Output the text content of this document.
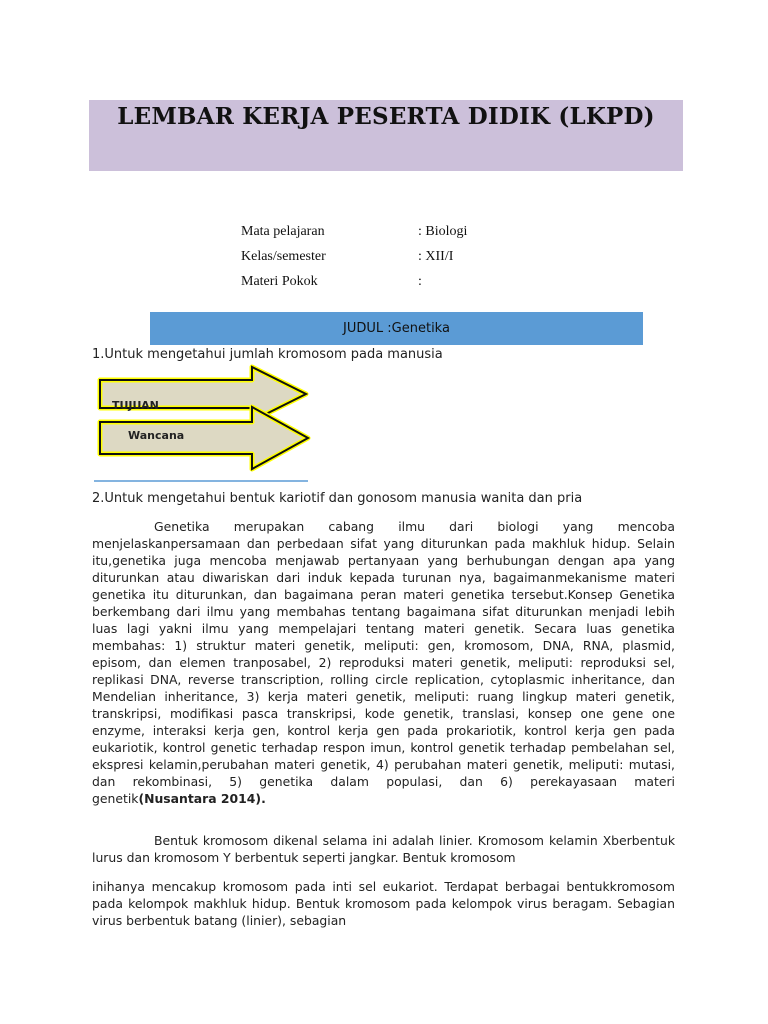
LEMBAR KERJA PESERTA DIDIK (LKPD)
Mata pelajaran	: Biologi
Kelas/semester	: XII/I
Materi Pokok	:
JUDUL :Genetika
1.Untuk mengetahui jumlah kromosom pada manusia
TUJUAN
Wancana
2.Untuk mengetahui bentuk kariotif dan gonosom manusia wanita dan pria

Genetika merupakan cabang ilmu dari biologi yang mencoba menjelaskanpersamaan dan perbedaan sifat yang diturunkan pada makhluk hidup. Selain itu,genetika juga mencoba menjawab pertanyaan yang berhubungan dengan apa yang diturunkan atau diwariskan dari induk kepada turunan nya, bagaimanmekanisme materi genetika itu diturunkan, dan bagaimana peran materi genetika tersebut.Konsep Genetika berkembang dari ilmu yang membahas tentang bagaimana sifat diturunkan menjadi lebih luas lagi yakni ilmu yang mempelajari tentang materi genetik. Secara luas genetika membahas: 1) struktur materi genetik, meliputi: gen, kromosom, DNA, RNA, plasmid, episom, dan elemen tranposabel, 2) reproduksi materi genetik, meliputi: reproduksi sel, replikasi DNA, reverse transcription, rolling circle replication, cytoplasmic inheritance, dan Mendelian inheritance, 3) kerja materi genetik, meliputi: ruang lingkup materi genetik, transkripsi, modifikasi pasca transkripsi, kode genetik, translasi, konsep one gene one enzyme, interaksi kerja gen, kontrol kerja gen pada prokariotik, kontrol kerja gen pada eukariotik, kontrol genetic terhadap respon imun, kontrol genetik terhadap pembelahan sel, ekspresi kelamin,perubahan materi genetik, 4) perubahan materi genetik, meliputi: mutasi, dan rekombinasi, 5) genetika dalam populasi, dan 6) perekayasaan materi genetik(Nusantara 2014).

Bentuk kromosom dikenal selama ini adalah linier. Kromosom kelamin Xberbentuk lurus dan kromosom Y berbentuk seperti jangkar. Bentuk kromosom

inihanya mencakup kromosom pada inti sel eukariot. Terdapat berbagai bentukkromosom pada kelompok makhluk hidup. Bentuk kromosom pada kelompok virus beragam. Sebagian virus berbentuk batang (linier), sebagian
